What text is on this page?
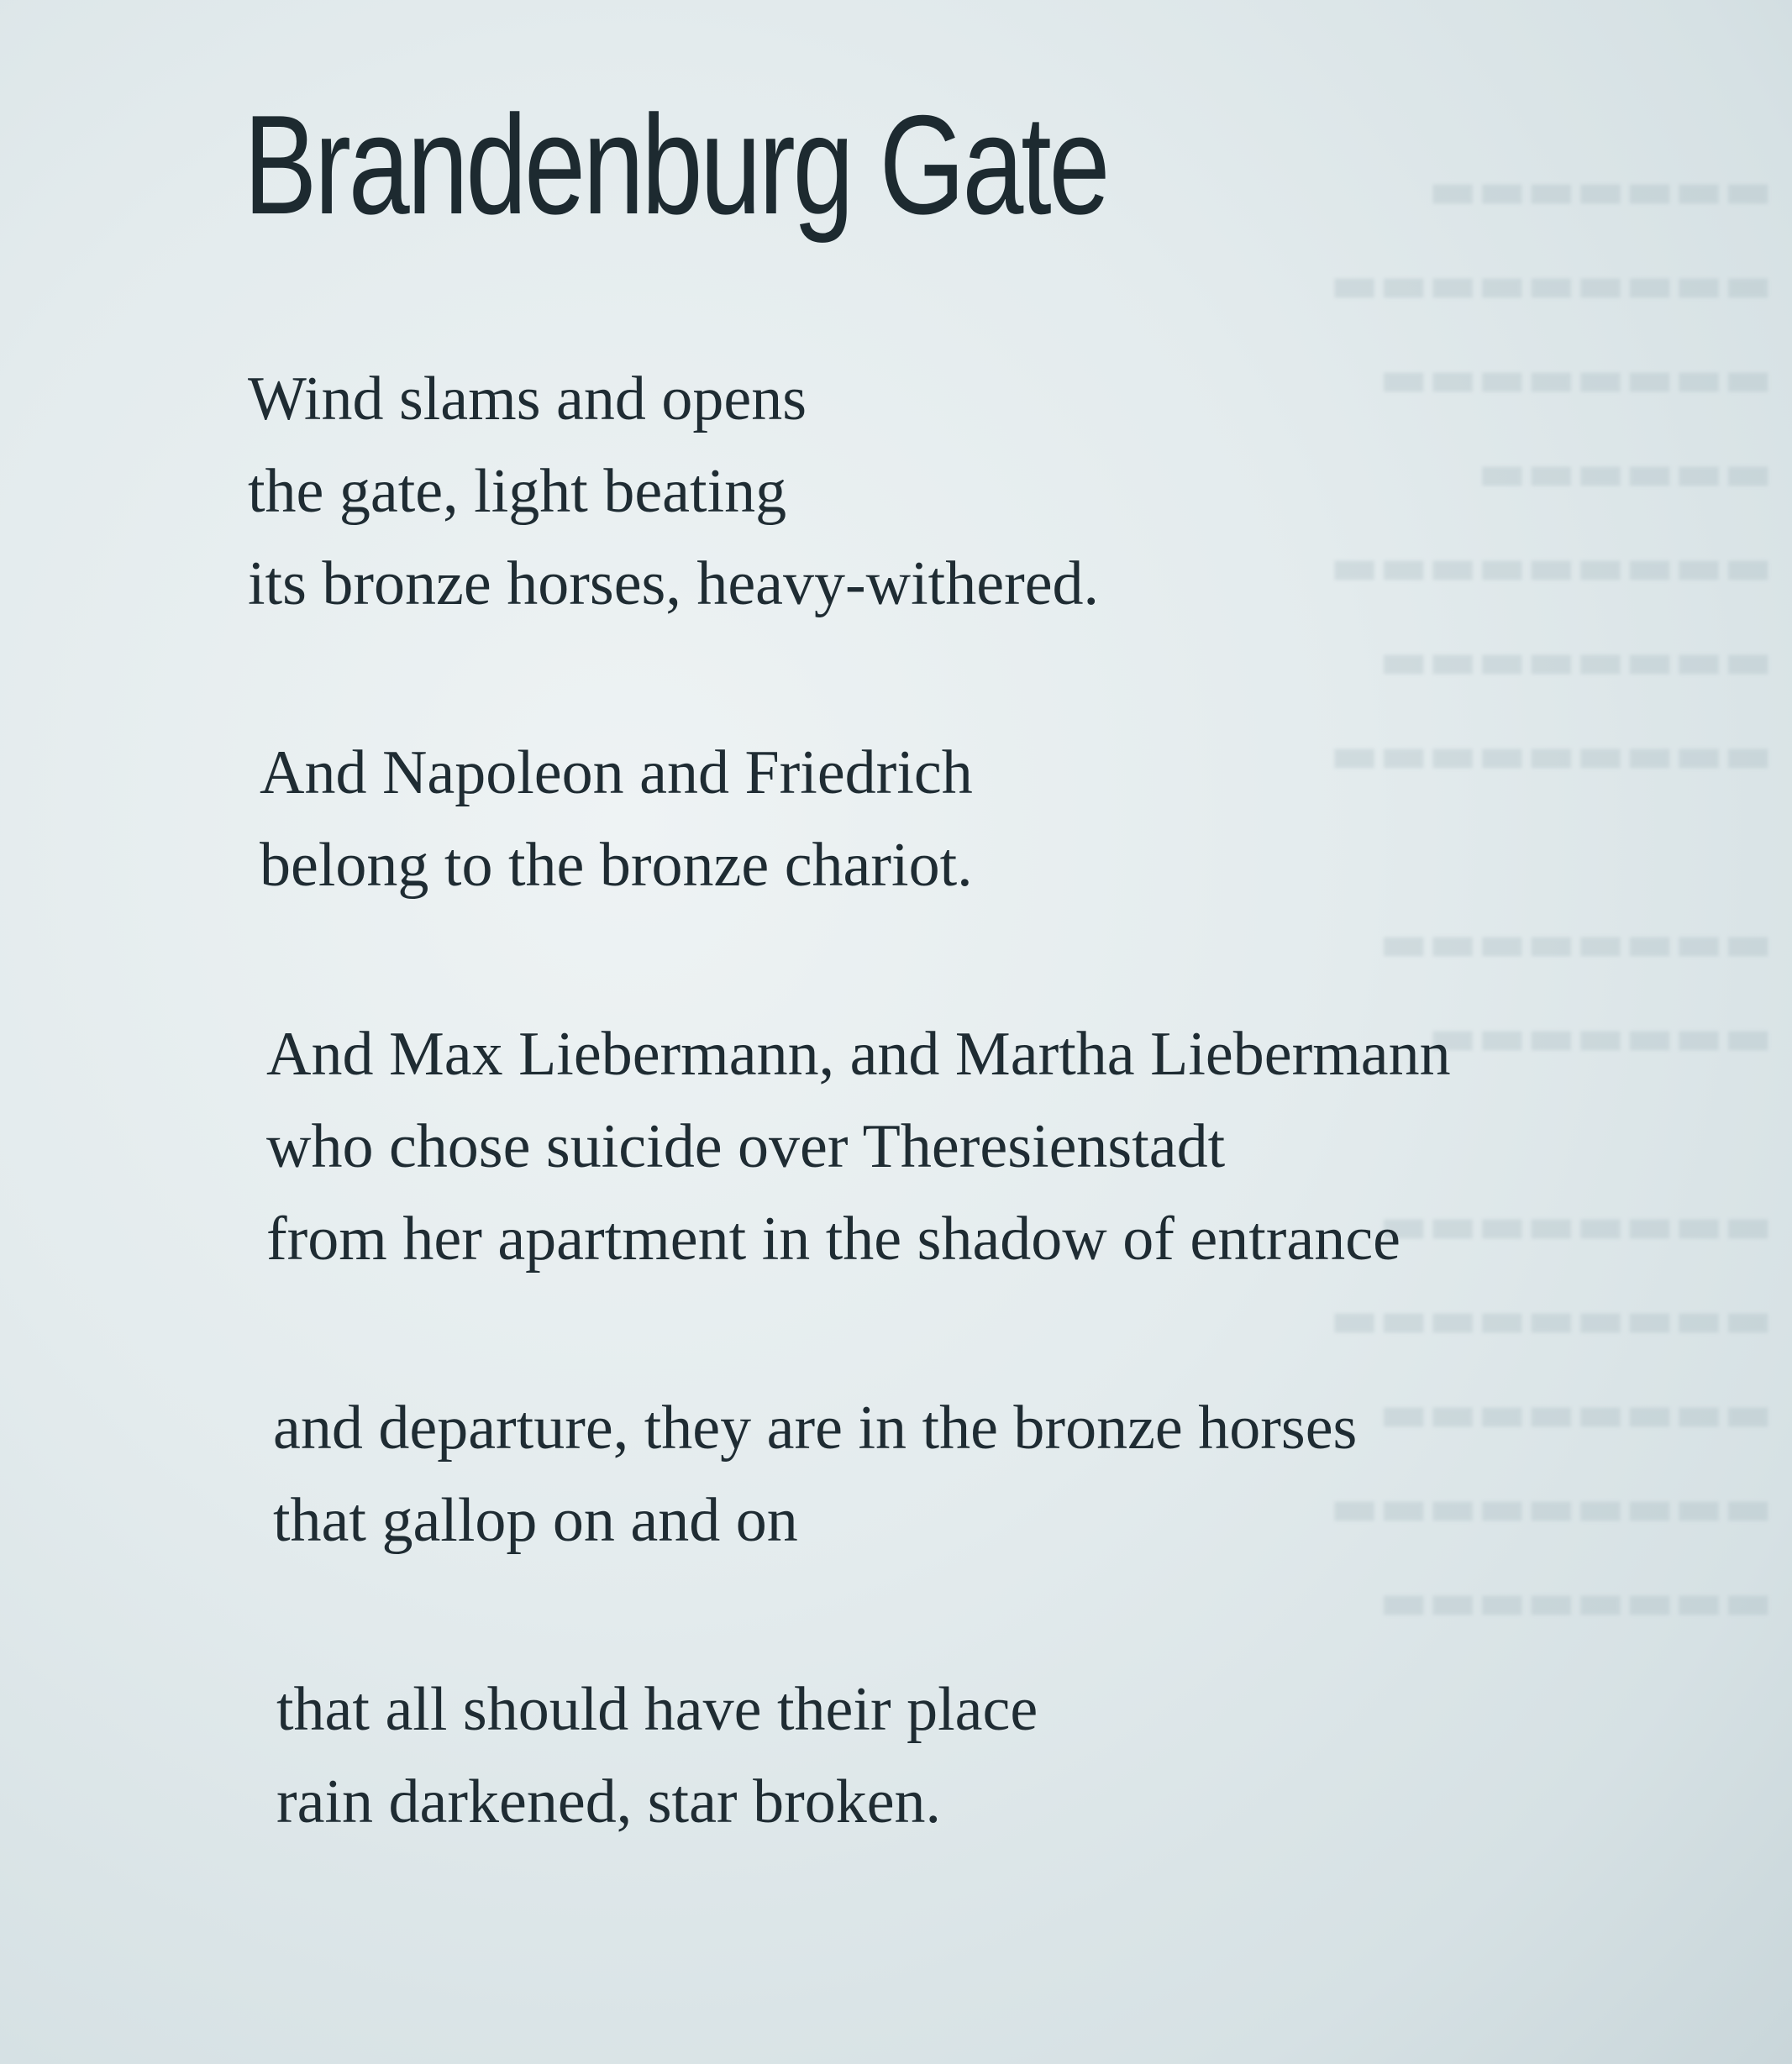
▬▬▬▬▬▬▬
▬▬▬▬▬▬▬▬▬
▬▬▬▬▬▬▬▬
▬▬▬▬▬▬
▬▬▬▬▬▬▬▬▬
▬▬▬▬▬▬▬▬
▬▬▬▬▬▬▬▬▬

▬▬▬▬▬▬▬▬
▬▬▬▬▬▬▬

▬▬▬▬▬▬▬▬
▬▬▬▬▬▬▬▬▬
▬▬▬▬▬▬▬▬
▬▬▬▬▬▬▬▬▬
▬▬▬▬▬▬▬▬
Brandenburg Gate
Wind slams and opens
the gate, light beating
its bronze horses, heavy-withered.
And Napoleon and Friedrich
belong to the bronze chariot.
And Max Liebermann, and Martha Liebermann
who chose suicide over Theresienstadt
from her apartment in the shadow of entrance
and departure, they are in the bronze horses
that gallop on and on
that all should have their place
rain darkened, star broken.
